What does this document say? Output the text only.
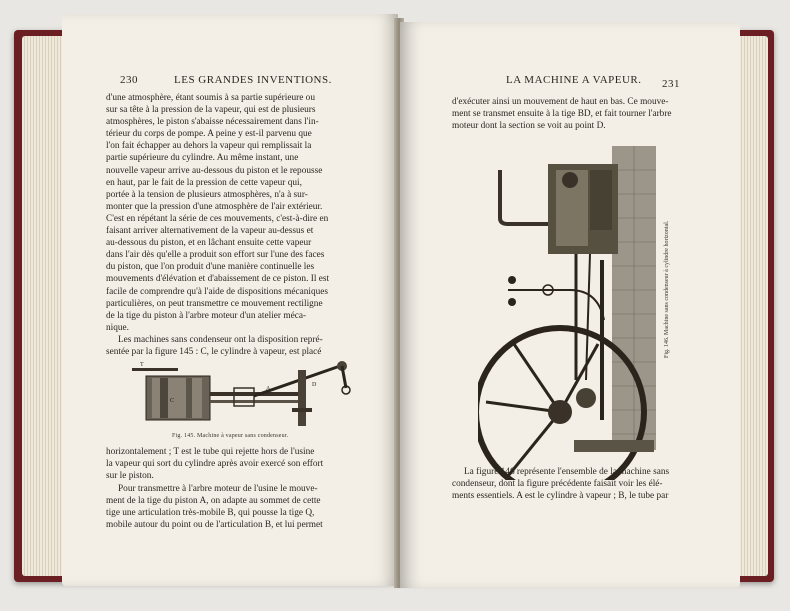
230	LES GRANDES INVENTIONS.
d'une atmosphère, étant soumis à sa partie supérieure ou
sur sa tête à la pression de la vapeur, qui est de plusieurs
atmosphères, le piston s'abaisse nécessairement dans l'in-
térieur du corps de pompe. A peine y est-il parvenu que
l'on fait échapper au dehors la vapeur qui remplissait la
partie supérieure du cylindre. Au même instant, une
nouvelle vapeur arrive au-dessous du piston et le repousse
en haut, par le fait de la pression de cette vapeur qui,
portée à la tension de plusieurs atmosphères, n'a à sur-
monter que la pression d'une atmosphère de l'air extérieur.
C'est en répétant la série de ces mouvements, c'est-à-dire en
faisant arriver alternativement de la vapeur au-dessus et
au-dessous du piston, et en lâchant ensuite cette vapeur
dans l'air dès qu'elle a produit son effort sur l'une des faces
du piston, que l'on produit d'une manière continuelle les
mouvements d'élévation et d'abaissement de ce piston. Il est
facile de comprendre qu'à l'aide de dispositions mécaniques
particulières, on peut transmettre ce mouvement rectiligne
de la tige du piston à l'arbre moteur d'un atelier méca-
nique.
Les machines sans condenseur ont la disposition repré-
sentée par la figure 145 : C, le cylindre à vapeur, est placé
T
C
D
A
Fig. 145. Machine à vapeur sans condenseur.
horizontalement ; T est le tube qui rejette hors de l'usine
la vapeur qui sort du cylindre après avoir exercé son effort
sur le piston.
Pour transmettre à l'arbre moteur de l'usine le mouve-
ment de la tige du piston A, on adapte au sommet de cette
tige une articulation très-mobile B, qui pousse la tige Q,
mobile autour du point ou de l'articulation B, et lui permet
LA MACHINE A VAPEUR. 231
d'exécuter ainsi un mouvement de haut en bas. Ce mouve-
ment se transmet ensuite à la tige BD, et fait tourner l'arbre
moteur dont la section se voit au point D.
Fig. 146. Machine sans condenseur à cylindre horizontal.
La figure 146 représente l'ensemble de la machine sans
condenseur, dont la figure précédente faisait voir les élé-
ments essentiels. A est le cylindre à vapeur ; B, le tube par
